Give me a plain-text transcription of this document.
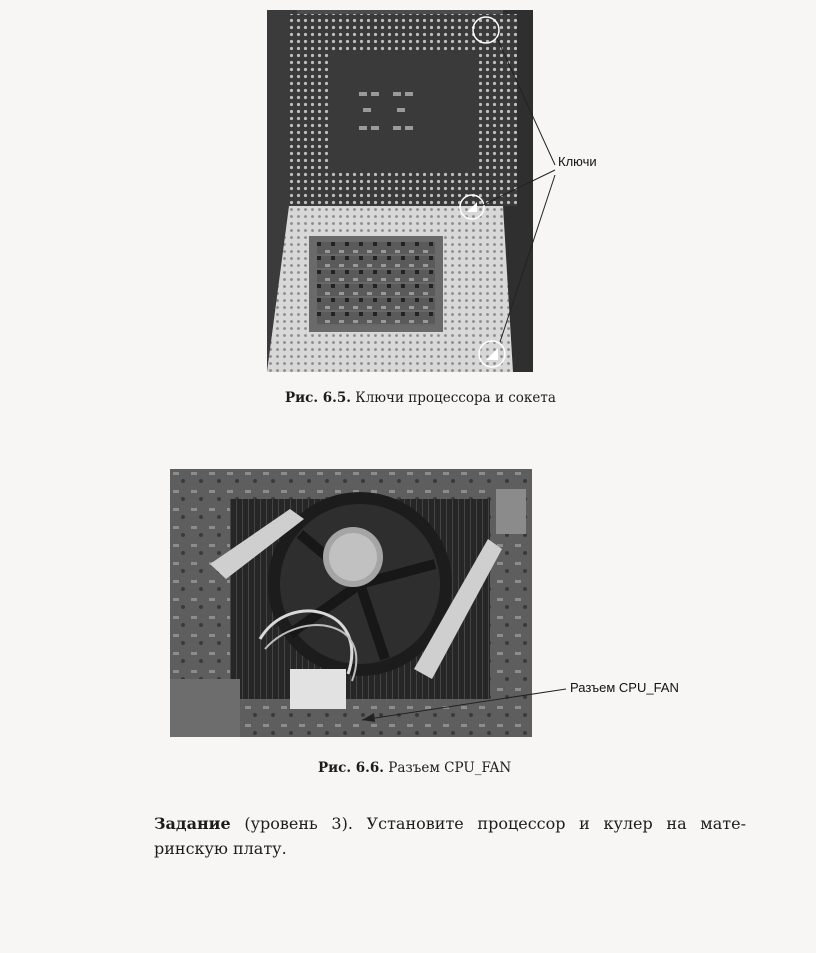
Ключи
Рис. 6.5. Ключи процессора и сокета
Разъем CPU_FAN
Рис. 6.6. Разъем CPU_FAN
Задание (уровень 3). Установите процессор и кулер на мате-
ринскую плату.
